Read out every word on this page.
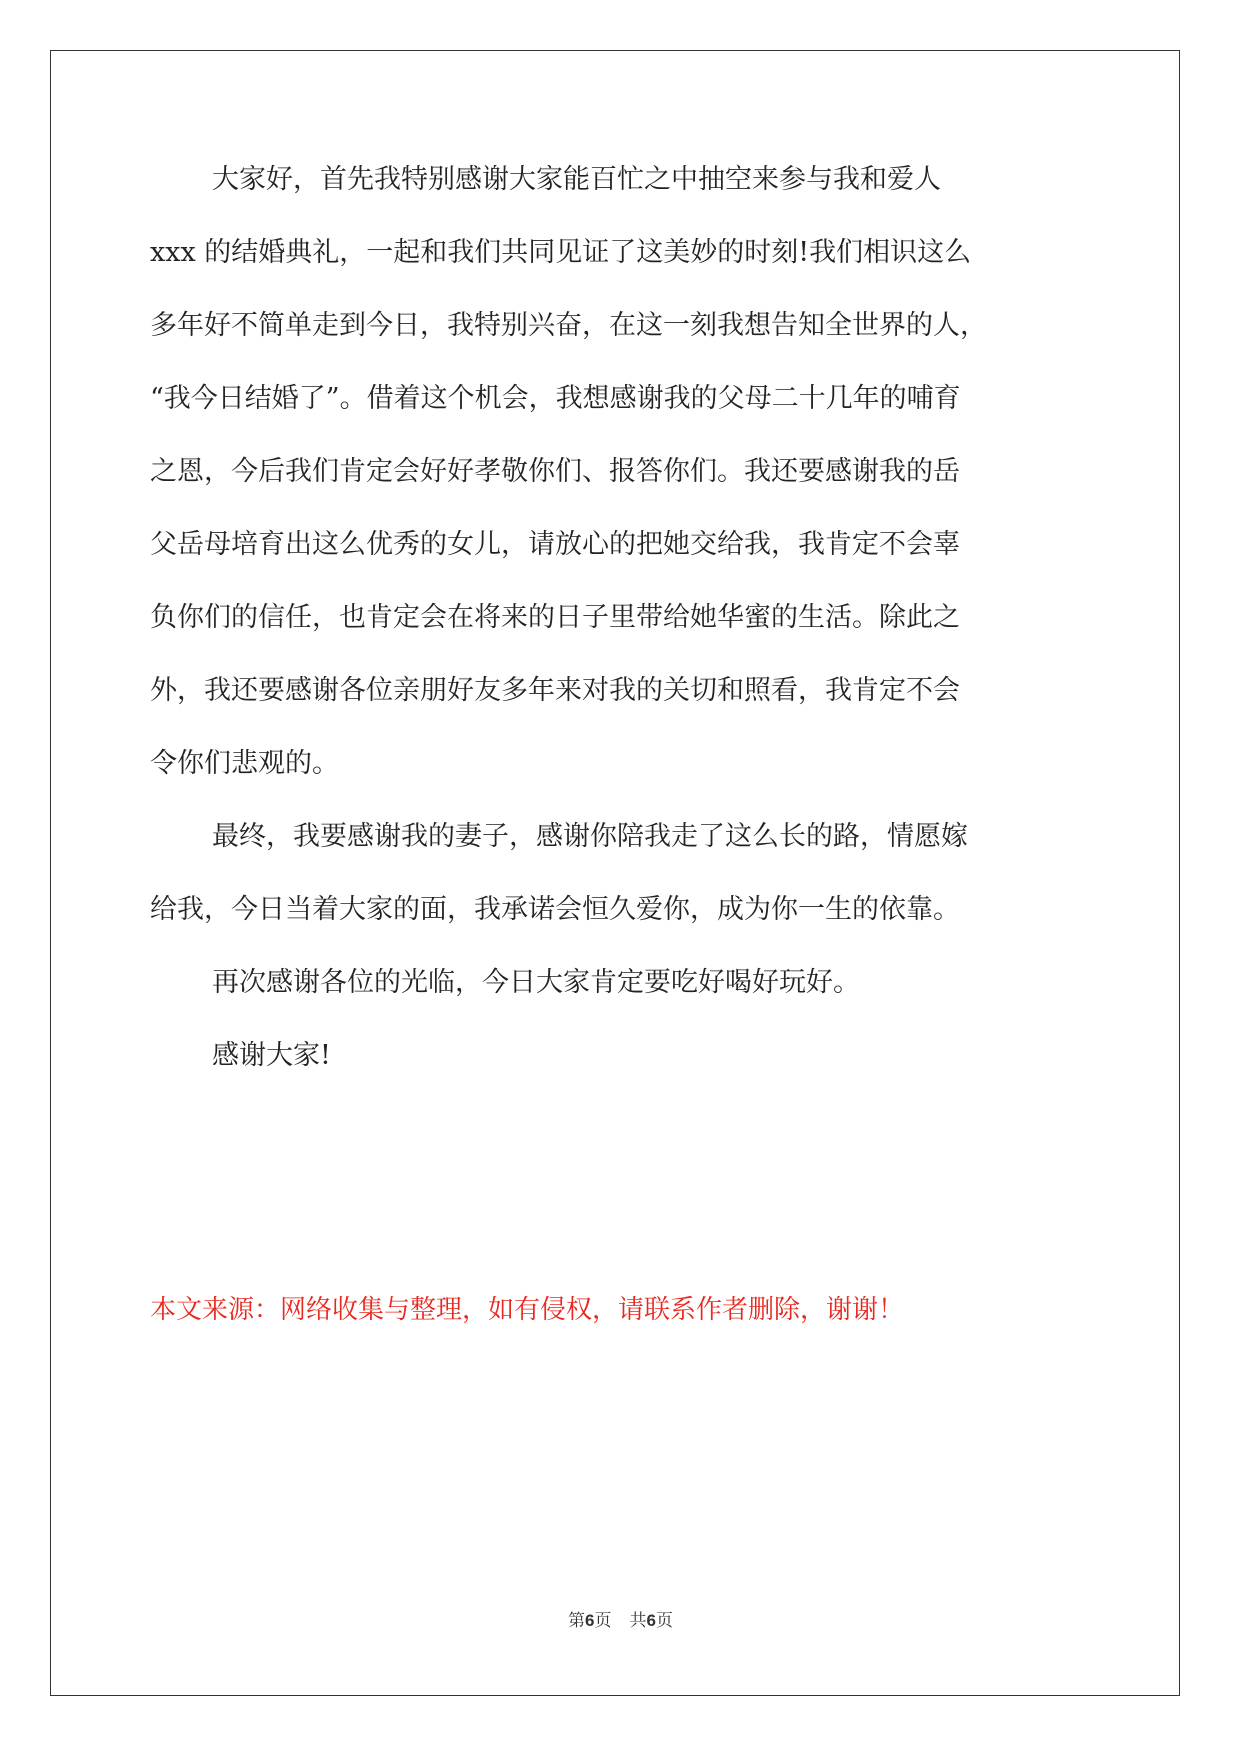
大家好，首先我特别感谢大家能百忙之中抽空来参与我和爱人
xxx 的结婚典礼，一起和我们共同见证了这美妙的时刻!我们相识这么
多年好不简单走到今日，我特别兴奋，在这一刻我想告知全世界的人，
“我今日结婚了”。借着这个机会，我想感谢我的父母二十几年的哺育
之恩，今后我们肯定会好好孝敬你们、报答你们。我还要感谢我的岳
父岳母培育出这么优秀的女儿，请放心的把她交给我，我肯定不会辜
负你们的信任，也肯定会在将来的日子里带给她华蜜的生活。除此之
外，我还要感谢各位亲朋好友多年来对我的关切和照看，我肯定不会
令你们悲观的。
最终，我要感谢我的妻子，感谢你陪我走了这么长的路，情愿嫁
给我，今日当着大家的面，我承诺会恒久爱你，成为你一生的依靠。
再次感谢各位的光临，今日大家肯定要吃好喝好玩好。
感谢大家!
本文来源：网络收集与整理，如有侵权，请联系作者删除，谢谢！
第6页 共6页
